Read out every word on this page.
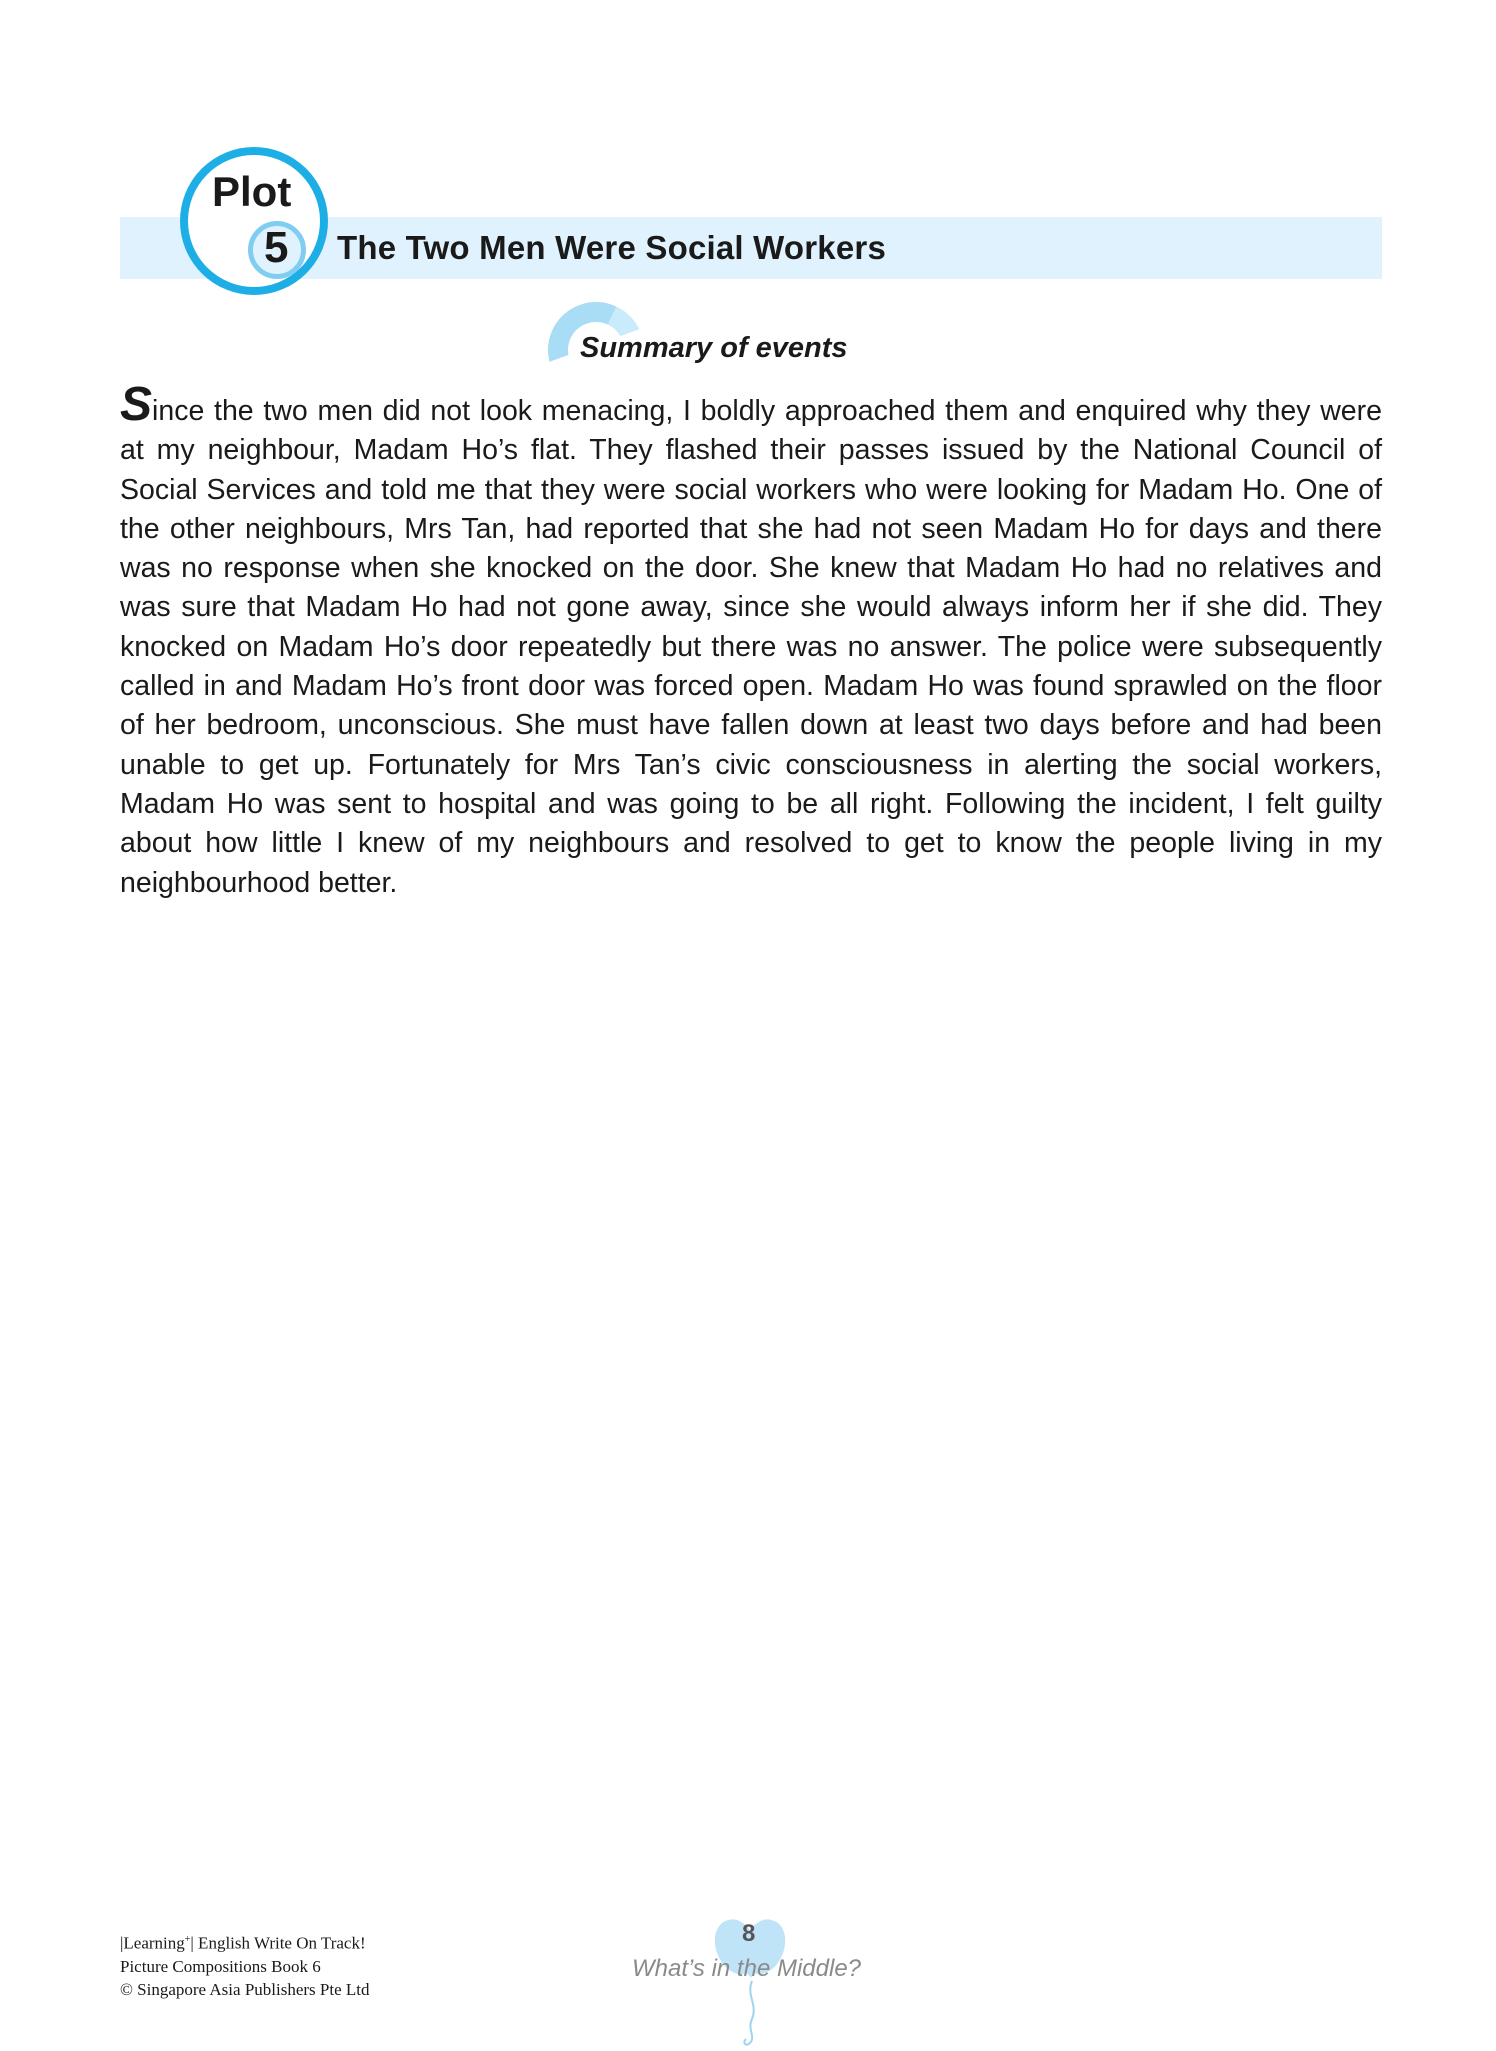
Plot
5 The Two Men Were Social Workers
Summary of events
Since the two men did not look menacing, I boldly approached them and enquired why they were at my neighbour, Madam Ho’s flat. They flashed their passes issued by the National Council of Social Services and told me that they were social workers who were looking for Madam Ho. One of the other neighbours, Mrs Tan, had reported that she had not seen Madam Ho for days and there was no response when she knocked on the door. She knew that Madam Ho had no relatives and was sure that Madam Ho had not gone away, since she would always inform her if she did. They knocked on Madam Ho’s door repeatedly but there was no answer. The police were subsequently called in and Madam Ho’s front door was forced open. Madam Ho was found sprawled on the floor of her bedroom, unconscious. She must have fallen down at least two days before and had been unable to get up. Fortunately for Mrs Tan’s civic consciousness in alerting the social workers, Madam Ho was sent to hospital and was going to be all right. Following the incident, I felt guilty about how little I knew of my neighbours and resolved to get to know the people living in my neighbourhood better.
|Learning+| English Write On Track!
Picture Compositions Book 6
© Singapore Asia Publishers Pte Ltd
8
What’s in the Middle?
